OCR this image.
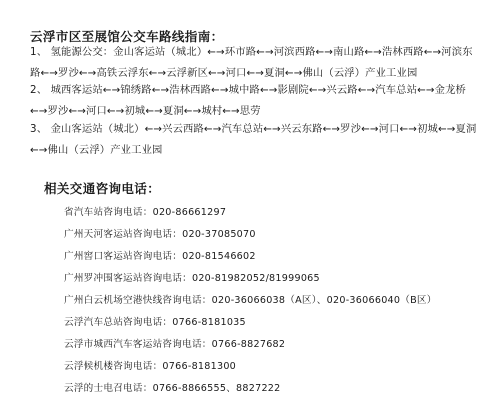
云浮市区至展馆公交车路线指南：
1、 氢能源公交：金山客运站（城北）←→环市路←→河滨西路←→南山路←→浩林西路←→河滨东路←→罗沙←→高铁云浮东←→云浮新区←→河口←→夏洞←→佛山（云浮）产业工业园
2、 城西客运站←→锦绣路←→浩林西路←→城中路←→影剧院←→兴云路←→汽车总站←→金龙桥←→罗沙←→河口←→初城←→夏洞←→城村←→思劳
3、 金山客运站（城北）←→兴云西路←→汽车总站←→兴云东路←→罗沙←→河口←→初城←→夏洞←→佛山（云浮）产业工业园
相关交通咨询电话：
省汽车站咨询电话：020-86661297
广州天河客运站咨询电话：020-37085070
广州窖口客运站咨询电话：020-81546602
广州罗冲围客运站咨询电话：020-81982052/81999065
广州白云机场空港快线咨询电话：020-36066038（A区）、020-36066040（B区）
云浮汽车总站咨询电话：0766-8181035
云浮市城西汽车客运站咨询电话：0766-8827682
云浮候机楼咨询电话：0766-8181300
云浮的士电召电话：0766-8866555、8827222
